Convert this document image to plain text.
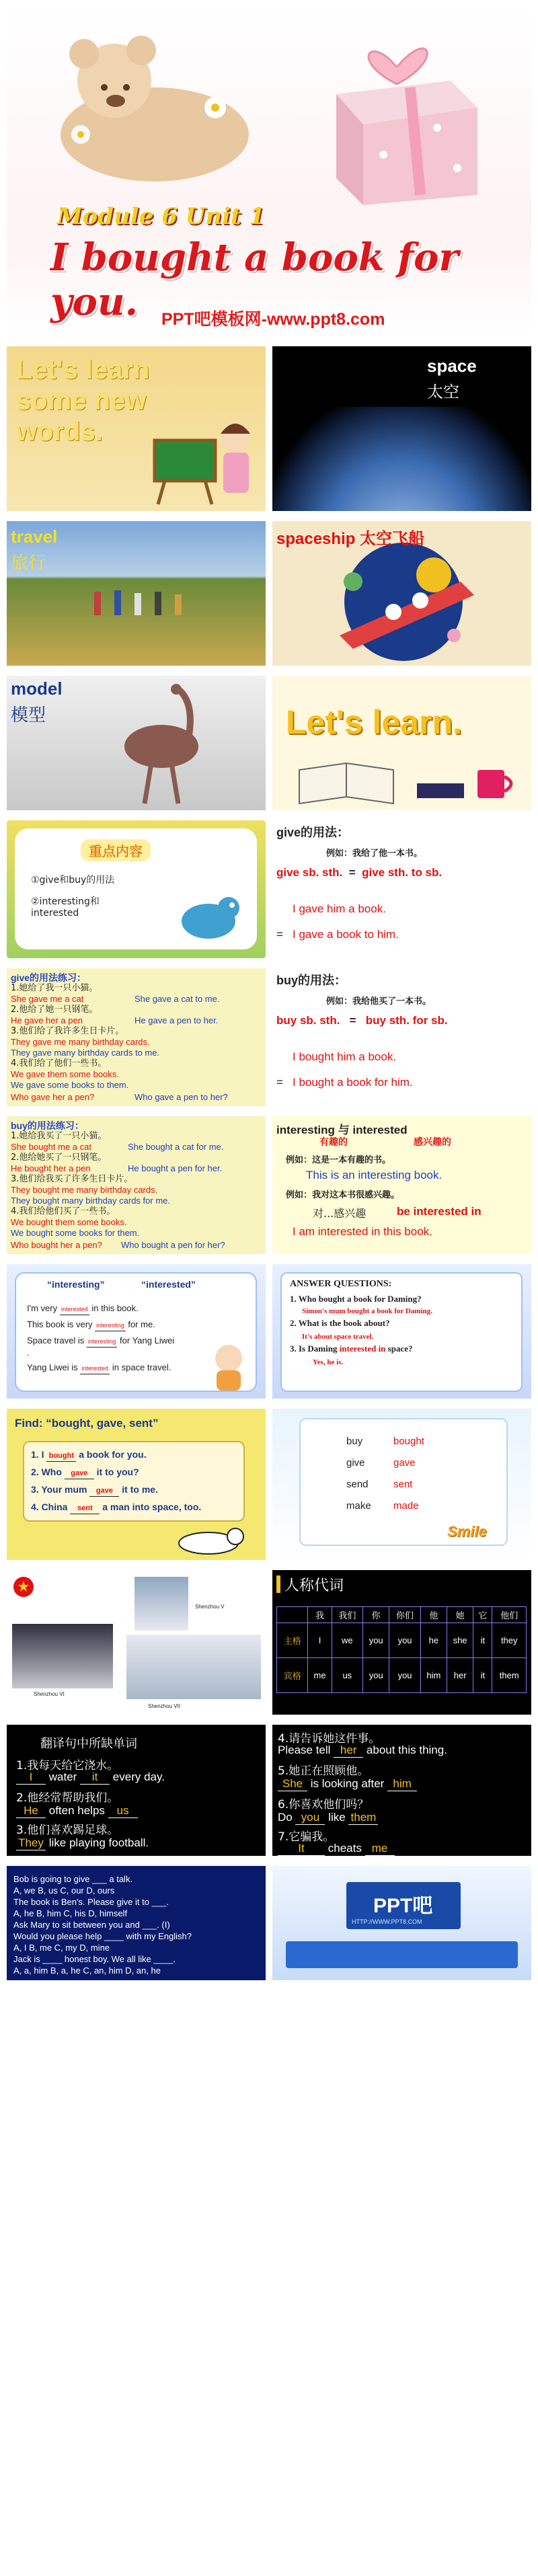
Module 6 Unit 1
I bought a book for you.	PPT吧模板网-www.ppt8.com
Let's learn some new words.
space
太空
travel
旅行
spaceship 太空飞船
model
模型	Let's learn.
重点内容
①give和buy的用法
②interesting和
interested
give的用法：
例如：我给了他一本书。
give sb. sth. = give sth. to sb.
I gave him a book.
= I gave a book to him.
give的用法练习：
1.她给了我一只小猫。
She gave me a cat	She gave a cat to me.
2.他给了她一只钢笔。
He gave her a pen	He gave a pen to her.
3.他们给了我许多生日卡片。
They gave me many birthday cards.
They gave many birthday cards to me.
4.我们给了他们一些书。
We gave them some books.
We gave some books to them.
Who gave her a pen?	Who gave a pen to her?
buy的用法：
例如：我给他买了一本书。
buy sb. sth. = buy sth. for sb.
I bought him a book.
= I bought a book for him.
buy的用法练习：
1.她给我买了一只小猫。
She bought me a cat	She bought a cat for me.
2.他给她买了一只钢笔。
He bought her a pen	He bought a pen for her.
3.他们给我买了许多生日卡片。
They bought me many birthday cards.
They bought many birthday cards for me.
4.我们给他们买了一些书。
We bought them some books.
We bought some books for them.
Who bought her a pen? Who bought a pen for her?
interesting 与 interested
有趣的	感兴趣的
例如：这是一本有趣的书。
This is an interesting book.
例如：我对这本书很感兴趣。
对...感兴趣	be interested in
I am interested in this book.
“interesting”	“interested”
I'm very interested in this book.
This book is very interesting for me.
Space travel is interesting for Yang Liwei .
Yang Liwei is interested in space travel.
ANSWER QUESTIONS:
1. Who bought a book for Daming?
Simon's mum bought a book for Daming.
2. What is the book about?
It's about space travel.
3. Is Daming interested in space?
Yes, he is.
Find: “bought, gave, sent”
1. I bought a book for you.
2. Who gave it to you?
3. Your mum gave it to me.
4. China sent a man into space, too.
buy	bought
give	gave
send sent
make made
Smile
Shenzhou V
Shenzhou VI
Shenzhou VII
人称代词
	我	我们	你	你们	他	她	它	他们
主格	I	we	you	you	he	she	it	they
宾格	me	us	you	you	him	her	it	them
翻译句中所缺单词
1.我每天给它浇水。
I water it every day.
2.他经常帮助我们。
He often helps us
3.他们喜欢踢足球。
They like playing football.
4.请告诉她这件事。
Please tell her about this thing.
5.她正在照顾他。
She is looking after him
6.你喜欢他们吗？
Do you like them
7.它骗我。
It cheats me
Bob is going to give ___ a talk.
A, we B, us C, our D, ours
The book is Ben's. Please give it to ___.
A, he B, him C, his D, himself
Ask Mary to sit between you and ___. (I)
Would you please help ____ with my English?
A, I B, me C, my D, mine
Jack is ____ honest boy. We all like ____.
A, a, him B, a, he C, an, him D, an, he
PPT吧
HTTP://WWW.PPT8.COM
